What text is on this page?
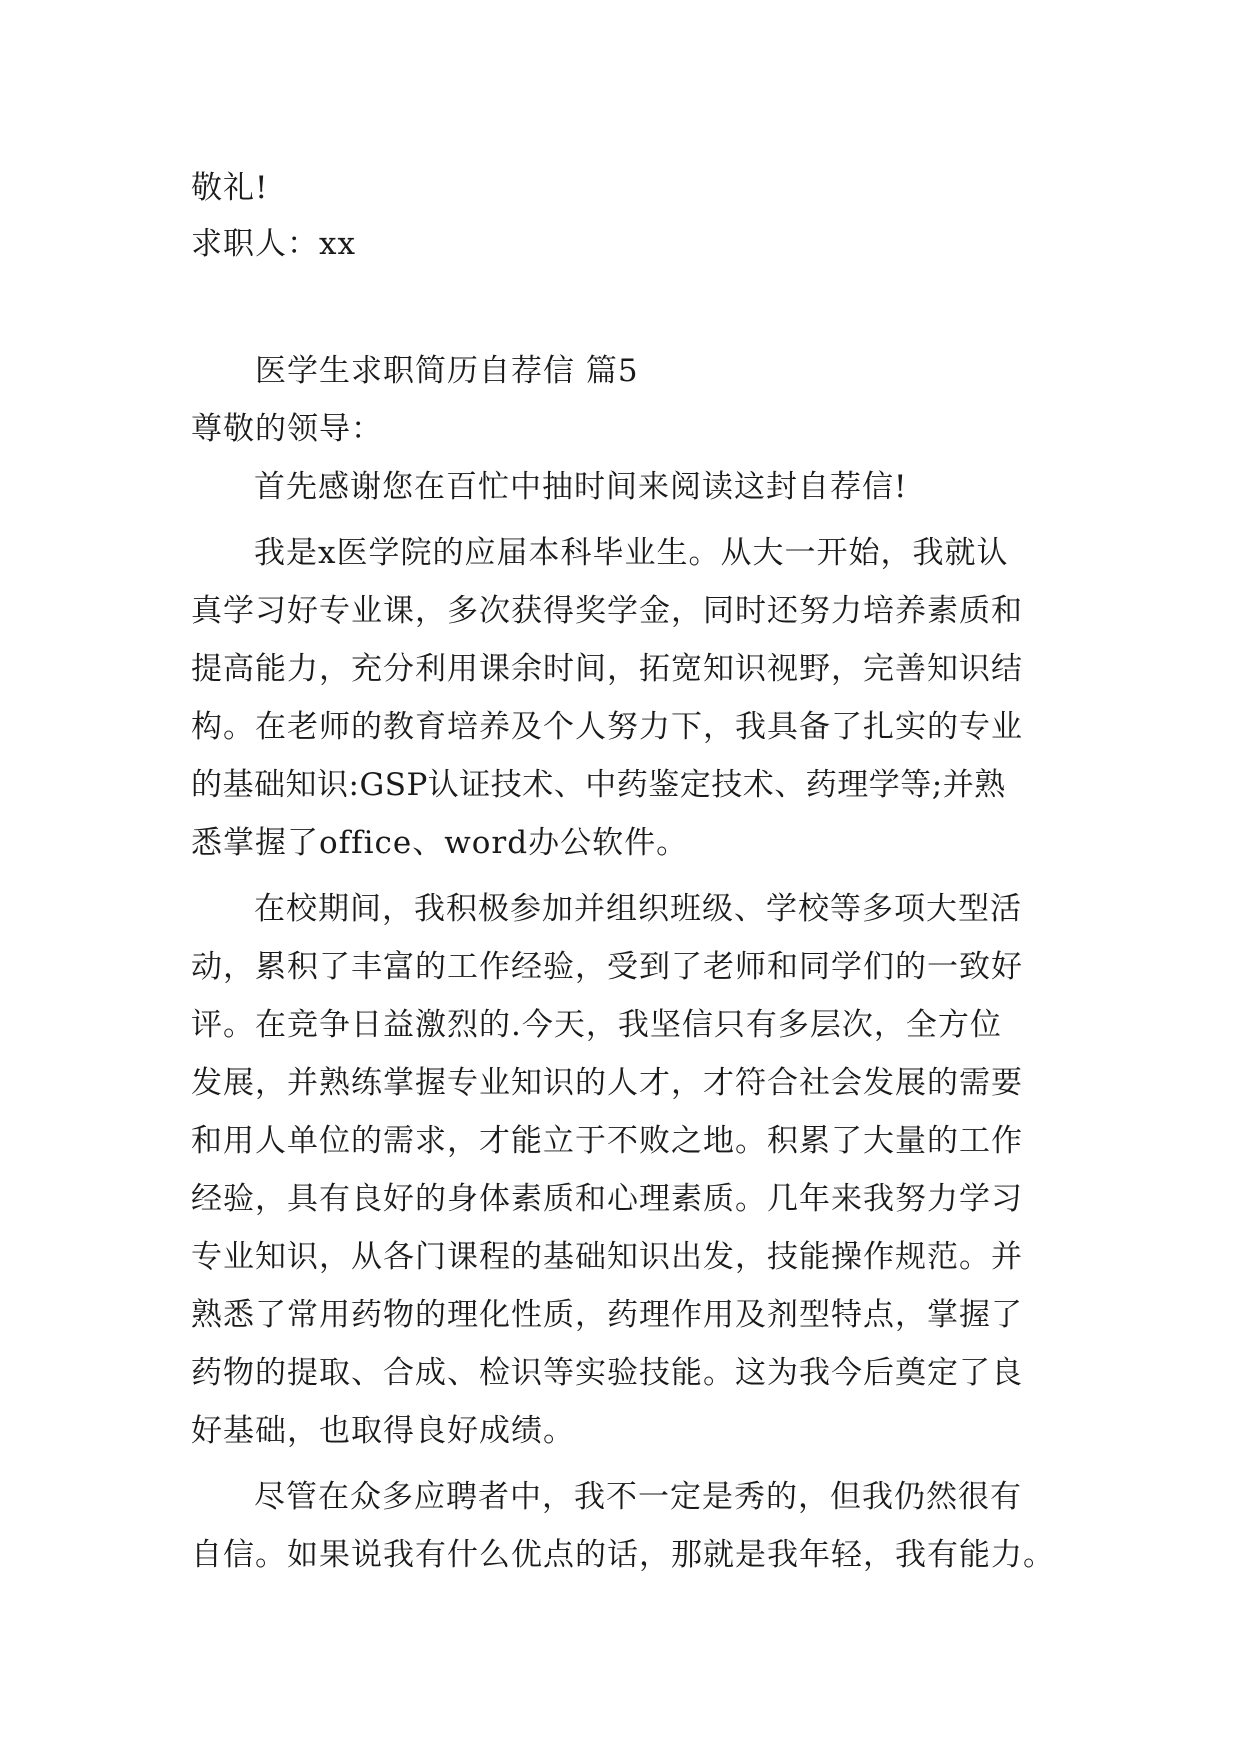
敬礼!
求职人：xx
医学生求职简历自荐信 篇5
尊敬的领导：
首先感谢您在百忙中抽时间来阅读这封自荐信!
我是x医学院的应届本科毕业生。从大一开始，我就认
真学习好专业课，多次获得奖学金，同时还努力培养素质和
提高能力，充分利用课余时间，拓宽知识视野，完善知识结
构。在老师的教育培养及个人努力下，我具备了扎实的专业
的基础知识:GSP认证技术、中药鉴定技术、药理学等;并熟
悉掌握了office、word办公软件。
在校期间，我积极参加并组织班级、学校等多项大型活
动，累积了丰富的工作经验，受到了老师和同学们的一致好
评。在竞争日益激烈的.今天，我坚信只有多层次，全方位
发展，并熟练掌握专业知识的人才，才符合社会发展的需要
和用人单位的需求，才能立于不败之地。积累了大量的工作
经验，具有良好的身体素质和心理素质。几年来我努力学习
专业知识，从各门课程的基础知识出发，技能操作规范。并
熟悉了常用药物的理化性质，药理作用及剂型特点，掌握了
药物的提取、合成、检识等实验技能。这为我今后奠定了良
好基础，也取得良好成绩。
尽管在众多应聘者中，我不一定是秀的，但我仍然很有
自信。如果说我有什么优点的话，那就是我年轻，我有能力。
